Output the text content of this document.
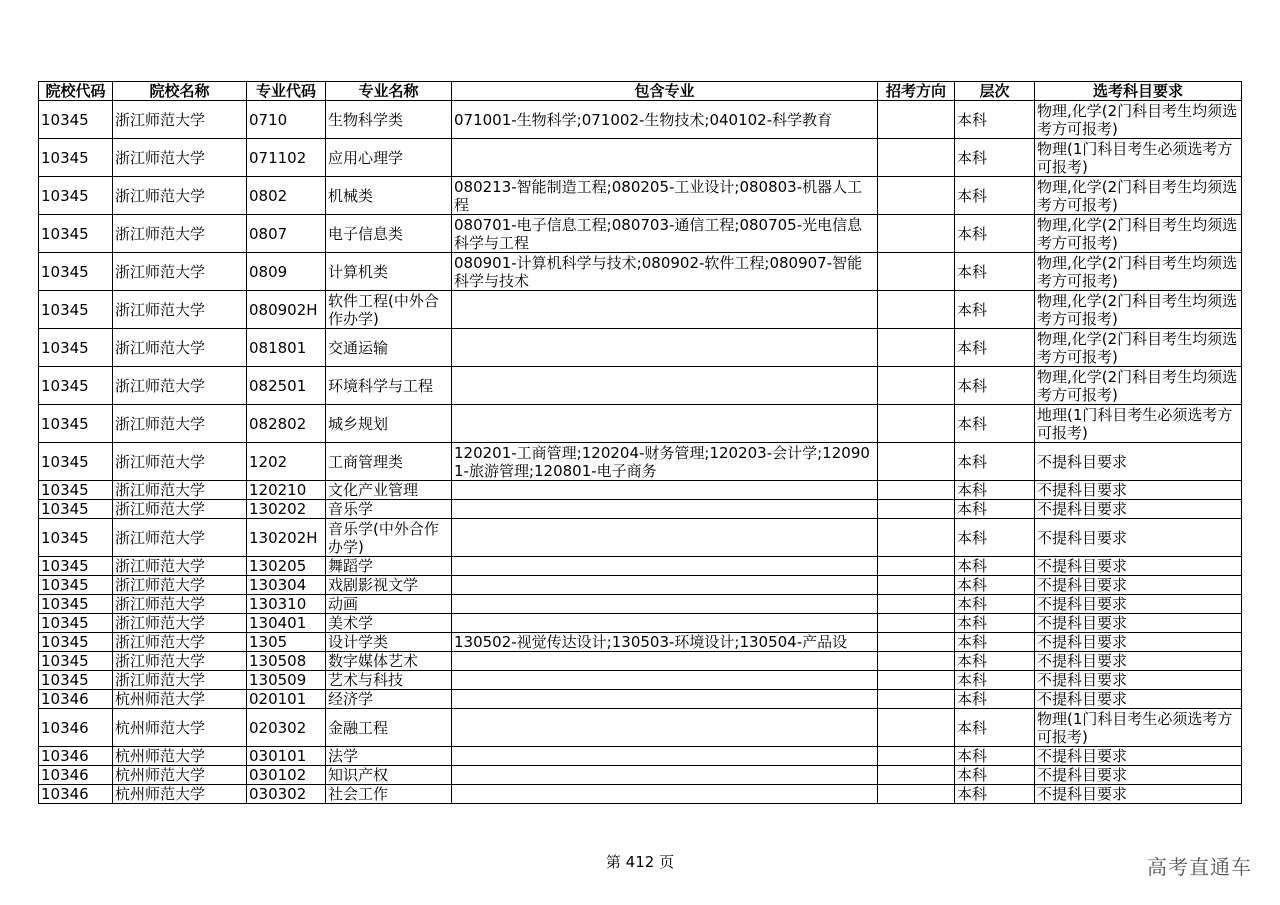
院校代码	院校名称	专业代码	专业名称	包含专业	招考方向	层次	选考科目要求
10345	浙江师范大学	0710	生物科学类	071001-生物科学;071002-生物技术;040102-科学教育		本科	物理,化学(2门科目考生均须选考方可报考)
10345	浙江师范大学	071102	应用心理学			本科	物理(1门科目考生必须选考方可报考)
10345	浙江师范大学	0802	机械类	080213-智能制造工程;080205-工业设计;080803-机器人工程		本科	物理,化学(2门科目考生均须选考方可报考)
10345	浙江师范大学	0807	电子信息类	080701-电子信息工程;080703-通信工程;080705-光电信息科学与工程		本科	物理,化学(2门科目考生均须选考方可报考)
10345	浙江师范大学	0809	计算机类	080901-计算机科学与技术;080902-软件工程;080907-智能科学与技术		本科	物理,化学(2门科目考生均须选考方可报考)
10345	浙江师范大学	080902H	软件工程(中外合作办学)			本科	物理,化学(2门科目考生均须选考方可报考)
10345	浙江师范大学	081801	交通运输			本科	物理,化学(2门科目考生均须选考方可报考)
10345	浙江师范大学	082501	环境科学与工程			本科	物理,化学(2门科目考生均须选考方可报考)
10345	浙江师范大学	082802	城乡规划			本科	地理(1门科目考生必须选考方可报考)
10345	浙江师范大学	1202	工商管理类	120201-工商管理;120204-财务管理;120203-会计学;120901-旅游管理;120801-电子商务		本科	不提科目要求
10345	浙江师范大学	120210	文化产业管理			本科	不提科目要求
10345	浙江师范大学	130202	音乐学			本科	不提科目要求
10345	浙江师范大学	130202H	音乐学(中外合作办学)			本科	不提科目要求
10345	浙江师范大学	130205	舞蹈学			本科	不提科目要求
10345	浙江师范大学	130304	戏剧影视文学			本科	不提科目要求
10345	浙江师范大学	130310	动画			本科	不提科目要求
10345	浙江师范大学	130401	美术学			本科	不提科目要求
10345	浙江师范大学	1305	设计学类	130502-视觉传达设计;130503-环境设计;130504-产品设		本科	不提科目要求
10345	浙江师范大学	130508	数字媒体艺术			本科	不提科目要求
10345	浙江师范大学	130509	艺术与科技			本科	不提科目要求
10346	杭州师范大学	020101	经济学			本科	不提科目要求
10346	杭州师范大学	020302	金融工程			本科	物理(1门科目考生必须选考方可报考)
10346	杭州师范大学	030101	法学			本科	不提科目要求
10346	杭州师范大学	030102	知识产权			本科	不提科目要求
10346	杭州师范大学	030302	社会工作			本科	不提科目要求
第 412 页	高考直通车
